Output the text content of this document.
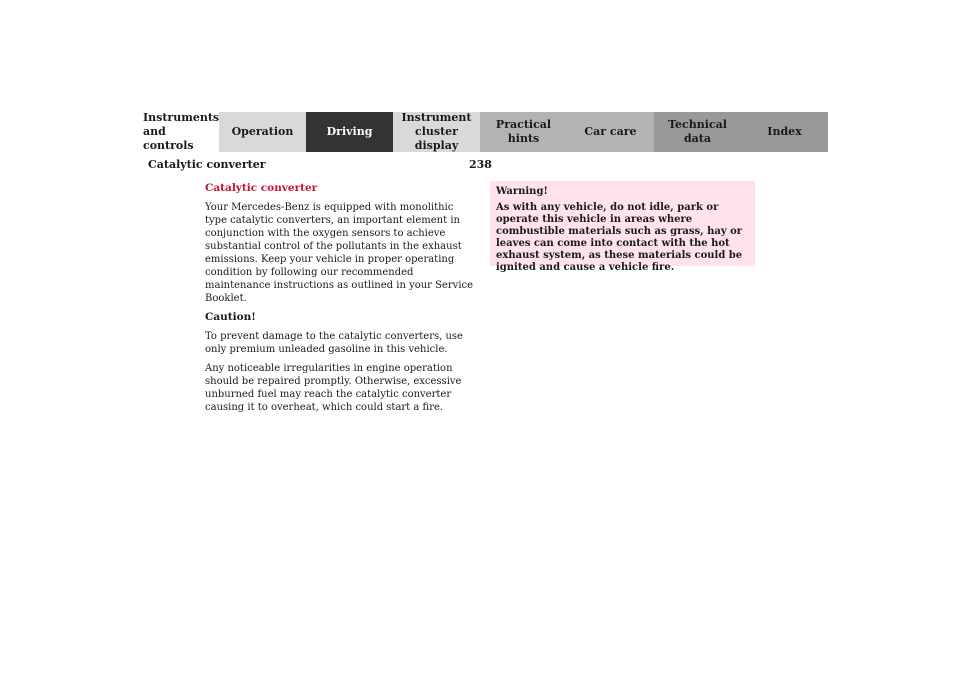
Instruments
and controls
Operation	Driving
Instrument
cluster display
Practical hints
Car care
Technical
data
Index
Catalytic converter	238

Catalytic converter

Your Mercedes-Benz is equipped with monolithic type catalytic converters, an important element in conjunction with the oxygen sensors to achieve substantial control of the pollutants in the exhaust emissions. Keep your vehicle in proper operating condition by following our recommended maintenance instructions as outlined in your Service Booklet.

Caution!

To prevent damage to the catalytic converters, use only premium unleaded gasoline in this vehicle.

Any noticeable irregularities in engine operation should be repaired promptly. Otherwise, excessive unburned fuel may reach the catalytic converter causing it to overheat, which could start a fire.

Warning!

As with any vehicle, do not idle, park or operate this vehicle in areas where combustible materials such as grass, hay or leaves can come into contact with the hot exhaust system, as these materials could be ignited and cause a vehicle fire.
